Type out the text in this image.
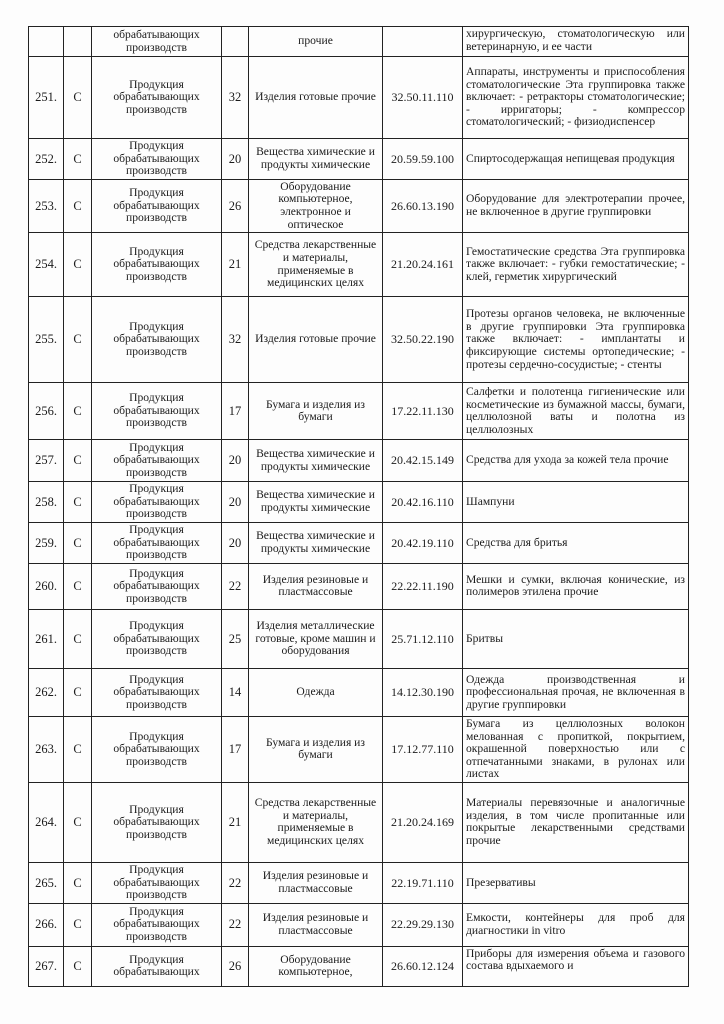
		обрабатывающих производств		прочие		хирургическую, стоматологическую или ветеринарную, и ее части
251.	С	Продукция обрабатывающих производств	32	Изделия готовые прочие	32.50.11.110	Аппараты, инструменты и приспособления стоматологические Эта группировка также включает: - ретракторы стоматологические; - ирригаторы; - компрессор стоматологический; - физиодиспенсер
252.	С	Продукция обрабатывающих производств	20	Вещества химические и продукты химические	20.59.59.100	Спиртосодержащая непищевая продукция
253.	С	Продукция обрабатывающих производств	26	Оборудование компьютерное, электронное и оптическое	26.60.13.190	Оборудование для электротерапии прочее, не включенное в другие группировки
254.	С	Продукция обрабатывающих производств	21	Средства лекарственные и материалы, применяемые в медицинских целях	21.20.24.161	Гемостатические средства Эта группировка также включает: - губки гемостатические; - клей, герметик хирургический
255.	С	Продукция обрабатывающих производств	32	Изделия готовые прочие	32.50.22.190	Протезы органов человека, не включенные в другие группировки Эта группировка также включает: - имплантаты и фиксирующие системы ортопедические; - протезы сердечно-сосудистые; - стенты
256.	С	Продукция обрабатывающих производств	17	Бумага и изделия из бумаги	17.22.11.130	Салфетки и полотенца гигиенические или косметические из бумажной массы, бумаги, целлюлозной ваты и полотна из целлюлозных
257.	С	Продукция обрабатывающих производств	20	Вещества химические и продукты химические	20.42.15.149	Средства для ухода за кожей тела прочие
258.	С	Продукция обрабатывающих производств	20	Вещества химические и продукты химические	20.42.16.110	Шампуни
259.	С	Продукция обрабатывающих производств	20	Вещества химические и продукты химические	20.42.19.110	Средства для бритья
260.	С	Продукция обрабатывающих производств	22	Изделия резиновые и пластмассовые	22.22.11.190	Мешки и сумки, включая конические, из полимеров этилена прочие
261.	С	Продукция обрабатывающих производств	25	Изделия металлические готовые, кроме машин и оборудования	25.71.12.110	Бритвы
262.	С	Продукция обрабатывающих производств	14	Одежда	14.12.30.190	Одежда производственная и профессиональная прочая, не включенная в другие группировки
263.	С	Продукция обрабатывающих производств	17	Бумага и изделия из бумаги	17.12.77.110	Бумага из целлюлозных волокон мелованная с пропиткой, покрытием, окрашенной поверхностью или с отпечатанными знаками, в рулонах или листах
264.	С	Продукция обрабатывающих производств	21	Средства лекарственные и материалы, применяемые в медицинских целях	21.20.24.169	Материалы перевязочные и аналогичные изделия, в том числе пропитанные или покрытые лекарственными средствами прочие
265.	С	Продукция обрабатывающих производств	22	Изделия резиновые и пластмассовые	22.19.71.110	Презервативы
266.	С	Продукция обрабатывающих производств	22	Изделия резиновые и пластмассовые	22.29.29.130	Емкости, контейнеры для проб для диагностики in vitro
267.	С	Продукция обрабатывающих	26	Оборудование компьютерное,	26.60.12.124	Приборы для измерения объема и газового состава вдыхаемого и
